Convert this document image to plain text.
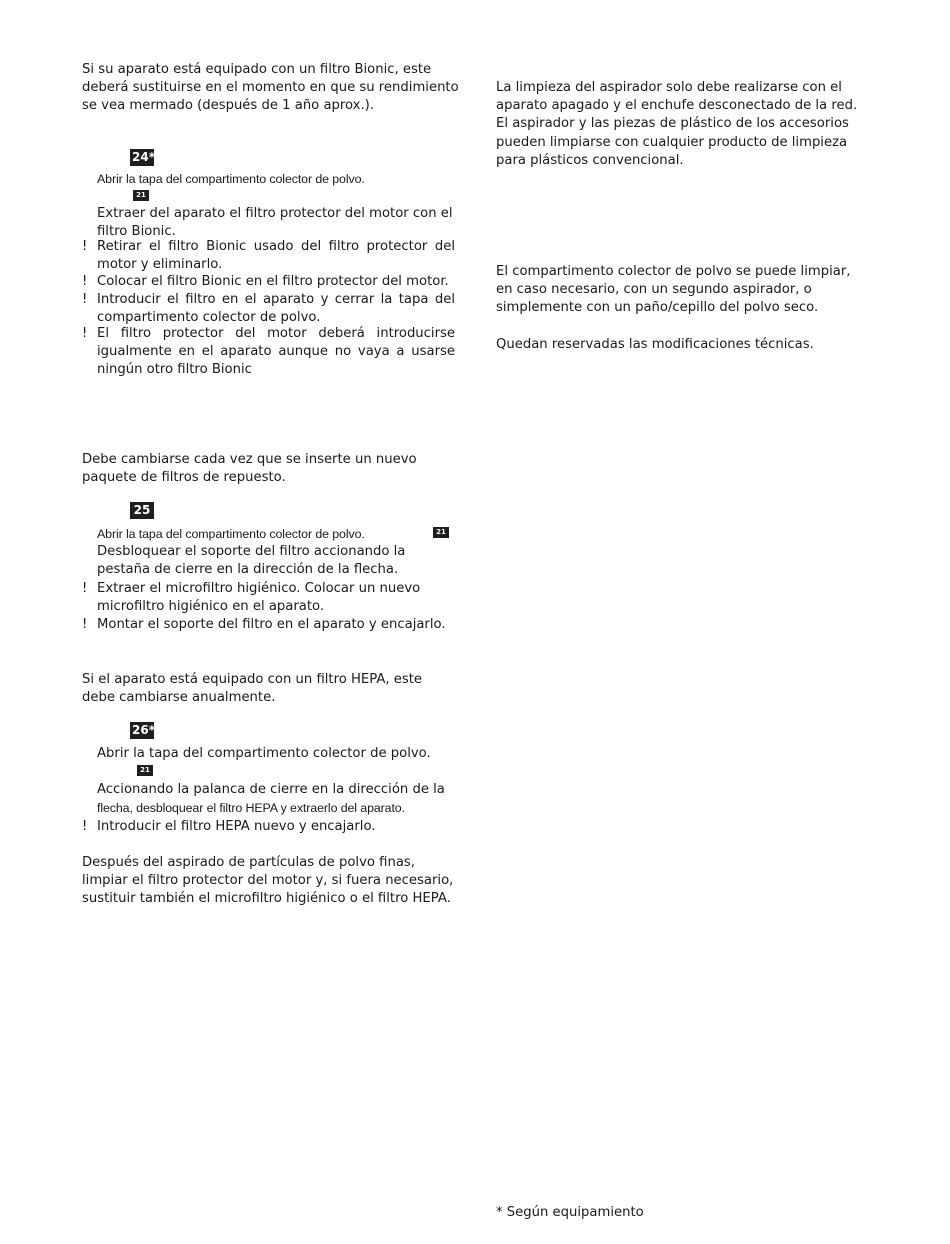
Si su aparato está equipado con un filtro Bionic, este deberá sustituirse en el momento en que su rendimiento se vea mermado (después de 1 año aprox.).

24*

Abrir la tapa del compartimento colector de polvo.

21

Extraer del aparato el filtro protector del motor con el filtro Bionic.

! Retirar el filtro Bionic usado del filtro protector del motor y eliminarlo.
! Colocar el filtro Bionic en el filtro protector del motor.
! Introducir el filtro en el aparato y cerrar la tapa del compartimento colector de polvo.
! El filtro protector del motor deberá introducirse igualmente en el aparato aunque no vaya a usarse ningún otro filtro Bionic

Debe cambiarse cada vez que se inserte un nuevo paquete de filtros de repuesto.

25

Abrir la tapa del compartimento colector de polvo.	21

Desbloquear el soporte del filtro accionando la pestaña de cierre en la dirección de la flecha.

! Extraer el microfiltro higiénico. Colocar un nuevo microfiltro higiénico en el aparato.
! Montar el soporte del filtro en el aparato y encajarlo.

Si el aparato está equipado con un filtro HEPA, este debe cambiarse anualmente.

26*

Abrir la tapa del compartimento colector de polvo.

21

Accionando la palanca de cierre en la dirección de la

flecha, desbloquear el filtro HEPA y extraerlo del aparato.

! Introducir el filtro HEPA nuevo y encajarlo.

Después del aspirado de partículas de polvo finas, limpiar el filtro protector del motor y, si fuera necesario, sustituir también el microfiltro higiénico o el filtro HEPA.

La limpieza del aspirador solo debe realizarse con el aparato apagado y el enchufe desconectado de la red. El aspirador y las piezas de plástico de los accesorios pueden limpiarse con cualquier producto de limpieza para plásticos convencional.

El compartimento colector de polvo se puede limpiar, en caso necesario, con un segundo aspirador, o simplemente con un paño/cepillo del polvo seco.

Quedan reservadas las modificaciones técnicas.

* Según equipamiento
